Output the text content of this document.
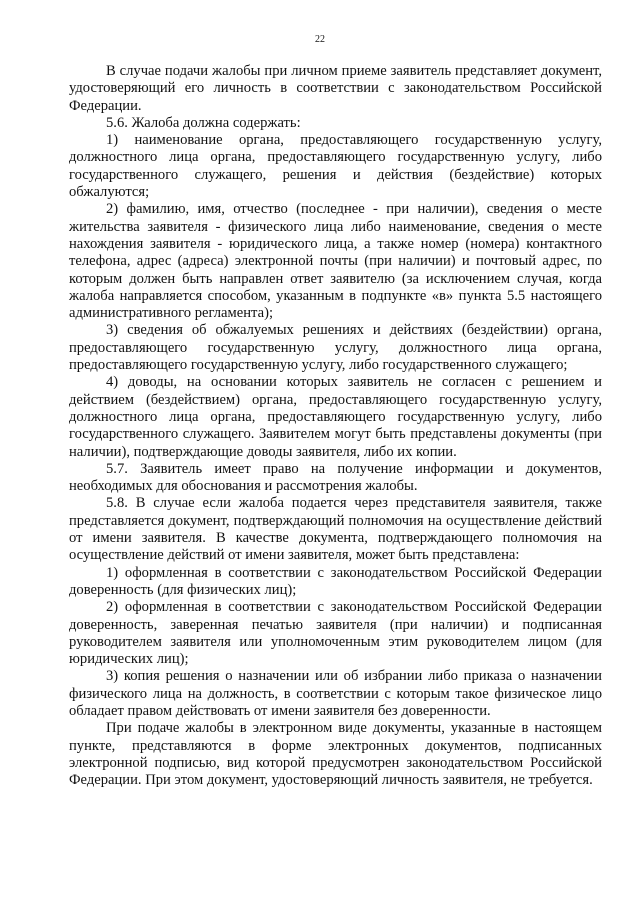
22

В случае подачи жалобы при личном приеме заявитель представляет документ, удостоверяющий его личность в соответствии с законодательством Российской Федерации.

5.6. Жалоба должна содержать:

1) наименование органа, предоставляющего государственную услугу, должностного лица органа, предоставляющего государственную услугу, либо государственного служащего, решения и действия (бездействие) которых обжалуются;

2) фамилию, имя, отчество (последнее - при наличии), сведения о месте жительства заявителя - физического лица либо наименование, сведения о месте нахождения заявителя - юридического лица, а также номер (номера) контактного телефона, адрес (адреса) электронной почты (при наличии) и почтовый адрес, по которым должен быть направлен ответ заявителю (за исключением случая, когда жалоба направляется способом, указанным в подпункте «в» пункта 5.5 настоящего административного регламента);

3) сведения об обжалуемых решениях и действиях (бездействии) органа, предоставляющего государственную услугу, должностного лица органа, предоставляющего государственную услугу, либо государственного служащего;

4) доводы, на основании которых заявитель не согласен с решением и действием (бездействием) органа, предоставляющего государственную услугу, должностного лица органа, предоставляющего государственную услугу, либо государственного служащего. Заявителем могут быть представлены документы (при наличии), подтверждающие доводы заявителя, либо их копии.

5.7. Заявитель имеет право на получение информации и документов, необходимых для обоснования и рассмотрения жалобы.

5.8. В случае если жалоба подается через представителя заявителя, также представляется документ, подтверждающий полномочия на осуществление действий от имени заявителя. В качестве документа, подтверждающего полномочия на осуществление действий от имени заявителя, может быть представлена:

1) оформленная в соответствии с законодательством Российской Федерации доверенность (для физических лиц);

2) оформленная в соответствии с законодательством Российской Федерации доверенность, заверенная печатью заявителя (при наличии) и подписанная руководителем заявителя или уполномоченным этим руководителем лицом (для юридических лиц);

3) копия решения о назначении или об избрании либо приказа о назначении физического лица на должность, в соответствии с которым такое физическое лицо обладает правом действовать от имени заявителя без доверенности.

При подаче жалобы в электронном виде документы, указанные в настоящем пункте, представляются в форме электронных документов, подписанных электронной подписью, вид которой предусмотрен законодательством Российской Федерации. При этом документ, удостоверяющий личность заявителя, не требуется.
